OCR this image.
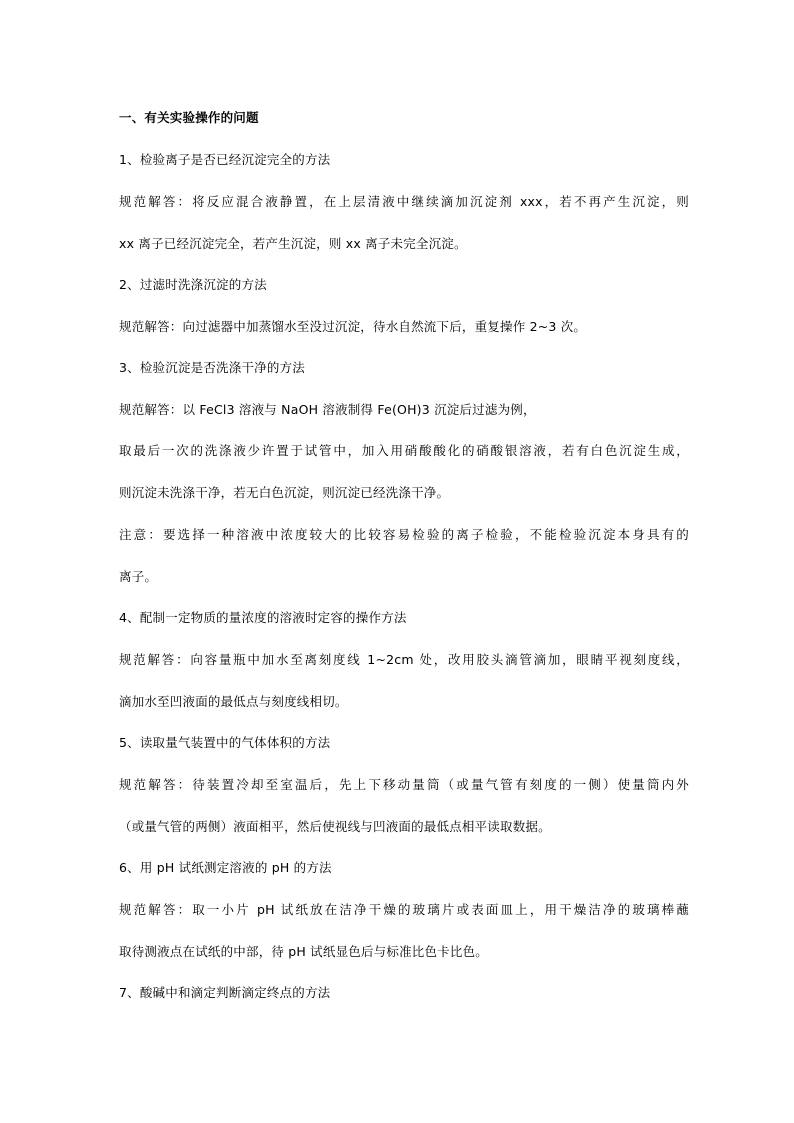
一、有关实验操作的问题
1、检验离子是否已经沉淀完全的方法
规范解答：将反应混合液静置，在上层清液中继续滴加沉淀剂 xxx，若不再产生沉淀，则
xx 离子已经沉淀完全，若产生沉淀，则 xx 离子未完全沉淀。
2、过滤时洗涤沉淀的方法
规范解答：向过滤器中加蒸馏水至没过沉淀，待水自然流下后，重复操作 2~3 次。
3、检验沉淀是否洗涤干净的方法
规范解答：以 FeCl3 溶液与 NaOH 溶液制得 Fe(OH)3 沉淀后过滤为例，
取最后一次的洗涤液少许置于试管中，加入用硝酸酸化的硝酸银溶液，若有白色沉淀生成，
则沉淀未洗涤干净，若无白色沉淀，则沉淀已经洗涤干净。
注意：要选择一种溶液中浓度较大的比较容易检验的离子检验，不能检验沉淀本身具有的
离子。
4、配制一定物质的量浓度的溶液时定容的操作方法
规范解答：向容量瓶中加水至离刻度线 1~2cm 处，改用胶头滴管滴加，眼睛平视刻度线，
滴加水至凹液面的最低点与刻度线相切。
5、读取量气装置中的气体体积的方法
规范解答：待装置冷却至室温后，先上下移动量筒（或量气管有刻度的一侧）使量筒内外
（或量气管的两侧）液面相平，然后使视线与凹液面的最低点相平读取数据。
6、用 pH 试纸测定溶液的 pH 的方法
规范解答：取一小片 pH 试纸放在洁净干燥的玻璃片或表面皿上，用干燥洁净的玻璃棒蘸
取待测液点在试纸的中部，待 pH 试纸显色后与标准比色卡比色。
7、酸碱中和滴定判断滴定终点的方法
